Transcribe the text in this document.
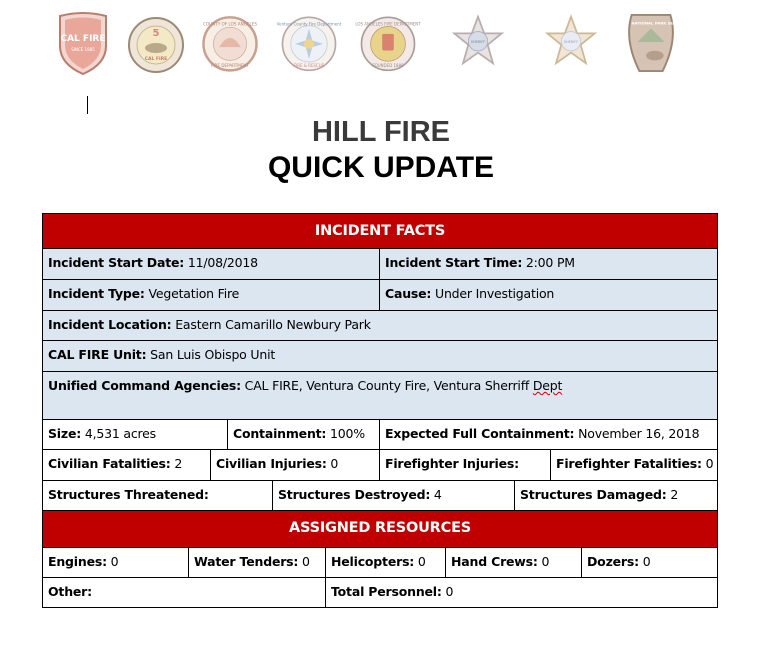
CAL FIRE
SINCE 1885
5
CAL FIRE
COUNTY OF LOS ANGELES
FIRE DEPARTMENT
Ventura County Fire Department
FIRE & RESCUE
LOS ANGELES FIRE DEPARTMENT
FOUNDED 1886
SHERIFF	SHERIFF
NATIONAL PARK SERVICE
HILL FIRE
QUICK UPDATE
INCIDENT FACTS
Incident Start Date: 11/08/2018	Incident Start Time: 2:00 PM
Incident Type: Vegetation Fire	Cause: Under Investigation
Incident Location: Eastern Camarillo Newbury Park
CAL FIRE Unit: San Luis Obispo Unit
Unified Command Agencies: CAL FIRE, Ventura County Fire, Ventura Sherriff Dept
Size: 4,531 acres	Containment: 100%	Expected Full Containment: November 16, 2018
Civilian Fatalities: 2	Civilian Injuries: 0	Firefighter Injuries:	Firefighter Fatalities: 0
Structures Threatened:	Structures Destroyed: 4	Structures Damaged: 2
ASSIGNED RESOURCES
Engines: 0	Water Tenders: 0	Helicopters: 0	Hand Crews: 0	Dozers: 0
Other:	Total Personnel: 0
